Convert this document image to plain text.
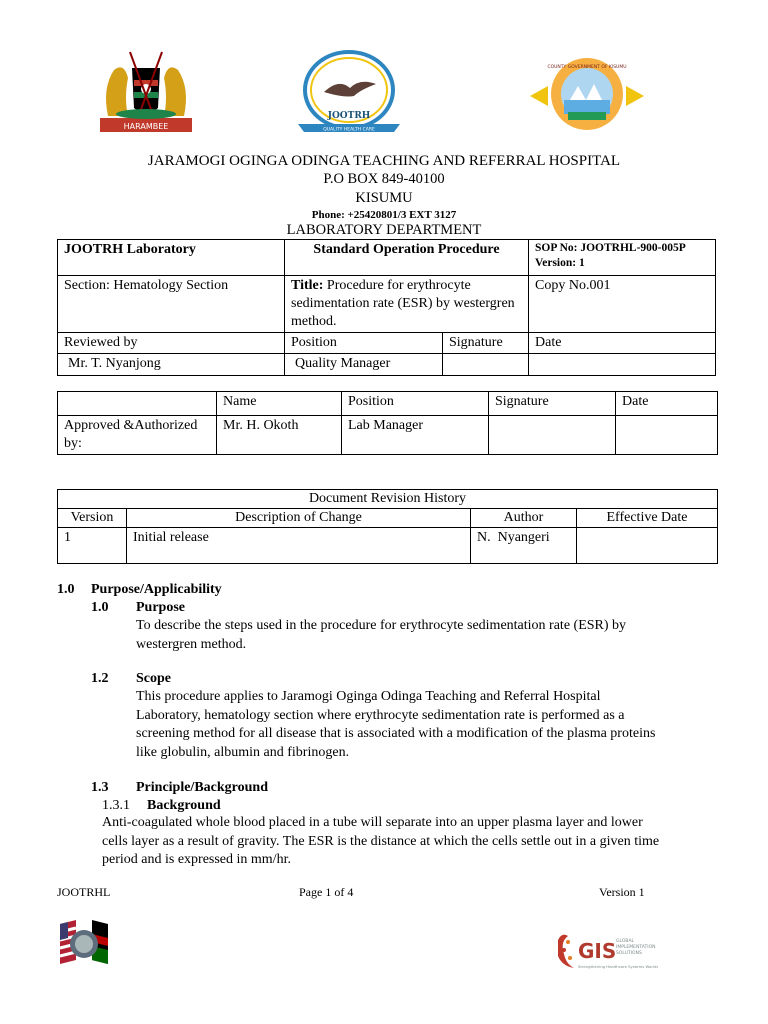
HARAMBEE
JOOTRH
QUALITY HEALTH CARE
COUNTY GOVERNMENT OF KISUMU
JARAMOGI OGINGA ODINGA TEACHING AND REFERRAL HOSPITAL
P.O BOX 849-40100
KISUMU
Phone: +25420801/3 EXT 3127
LABORATORY DEPARTMENT
JOOTRH Laboratory	Standard Operation Procedure		SOP No: JOOTRHL-900-005P
Version: 1

Section: Hematology Section	Title: Procedure for erythrocyte sedimentation rate (ESR) by westergren method.		Copy No.001
Reviewed by	Position	Signature	Date
Mr. T. Nyanjong	Quality Manager		
	Name	Position	Signature	Date
Approved &Authorized by:	Mr. H. Okoth	Lab Manager		
Document Revision History			
Version	Description of Change	Author	Effective Date
1	Initial release	N.  Nyangeri	
1.0 Purpose/Applicability
1.0 Purpose
To describe the steps used in the procedure for erythrocyte sedimentation rate (ESR) by westergren method.
1.2 Scope
This procedure applies to Jaramogi Oginga Odinga Teaching and Referral Hospital Laboratory, hematology section where erythrocyte sedimentation rate is performed as a screening method for all disease that is associated with a modification of the plasma proteins like globulin, albumin and fibrinogen.
1.3 Principle/Background
1.3.1 Background
Anti-coagulated whole blood placed in a tube will separate into an upper plasma layer and lower cells layer as a result of gravity. The ESR is the distance at which the cells settle out in a given time period and is expressed in mm/hr.
JOOTRHL	Page 1 of 4	Version 1
GIS GLOBAL
IMPLEMENTATION
SOLUTIONS
Strengthening Healthcare Systems Worldwide
